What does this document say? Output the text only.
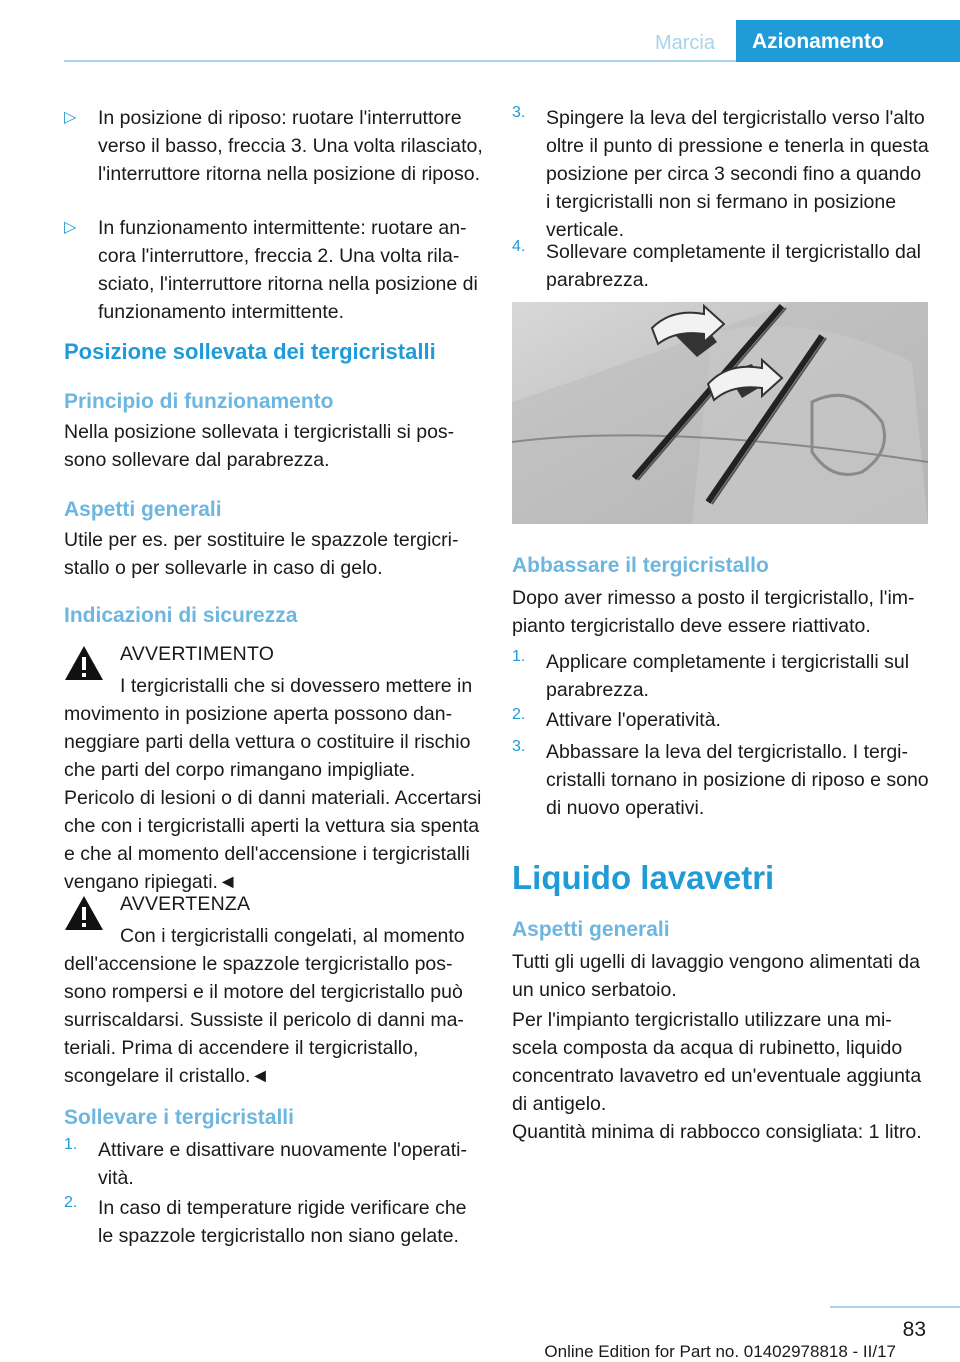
Marcia	Azionamento
▷ In posizione di riposo: ruotare l'interruttore verso il basso, freccia 3. Una volta rilasciato, l'interruttore ritorna nella posizione di riposo.

▷ In funzionamento intermittente: ruotare ancora l'interruttore, freccia 2. Una volta rilasciato, l'interruttore ritorna nella posizione di funzionamento intermittente.

Posizione sollevata dei tergicristalli
Principio di funzionamento

Nella posizione sollevata i tergicristalli si possono sollevare dal parabrezza.

Aspetti generali

Utile per es. per sostituire le spazzole tergicristallo o per sollevarle in caso di gelo.

Indicazioni di sicurezza
AVVERTIMENTO

I tergicristalli che si dovessero mettere in movimento in posizione aperta possono danneggiare parti della vettura o costituire il rischio che parti del corpo rimangano impigliate. Pericolo di lesioni o di danni materiali. Accertarsi che con i tergicristalli aperti la vettura sia spenta e che al momento dell'accensione i tergicristalli vengano ripiegati.◄

AVVERTENZA

Con i tergicristalli congelati, al momento dell'accensione le spazzole tergicristallo possono rompersi e il motore del tergicristallo può surriscaldarsi. Sussiste il pericolo di danni materiali. Prima di accendere il tergicristallo, scongelare il cristallo.◄

Sollevare i tergicristalli
1. Attivare e disattivare nuovamente l'operatività.

2. In caso di temperature rigide verificare che le spazzole tergicristallo non siano gelate.

3. Spingere la leva del tergicristallo verso l'alto oltre il punto di pressione e tenerla in questa posizione per circa 3 secondi fino a quando i tergicristalli non si fermano in posizione verticale.

4. Sollevare completamente il tergicristallo dal parabrezza.

Abbassare il tergicristallo

Dopo aver rimesso a posto il tergicristallo, l'impianto tergicristallo deve essere riattivato.

1. Applicare completamente i tergicristalli sul parabrezza.

2. Attivare l'operatività.

3. Abbassare la leva del tergicristallo. I tergicristalli tornano in posizione di riposo e sono di nuovo operativi.

Liquido lavavetri
Aspetti generali

Tutti gli ugelli di lavaggio vengono alimentati da un unico serbatoio.

Per l'impianto tergicristallo utilizzare una miscela composta da acqua di rubinetto, liquido concentrato lavavetro ed un'eventuale aggiunta di antigelo.

Quantità minima di rabbocco consigliata: 1 litro.

83
Online Edition for Part no. 01402978818 - II/17
